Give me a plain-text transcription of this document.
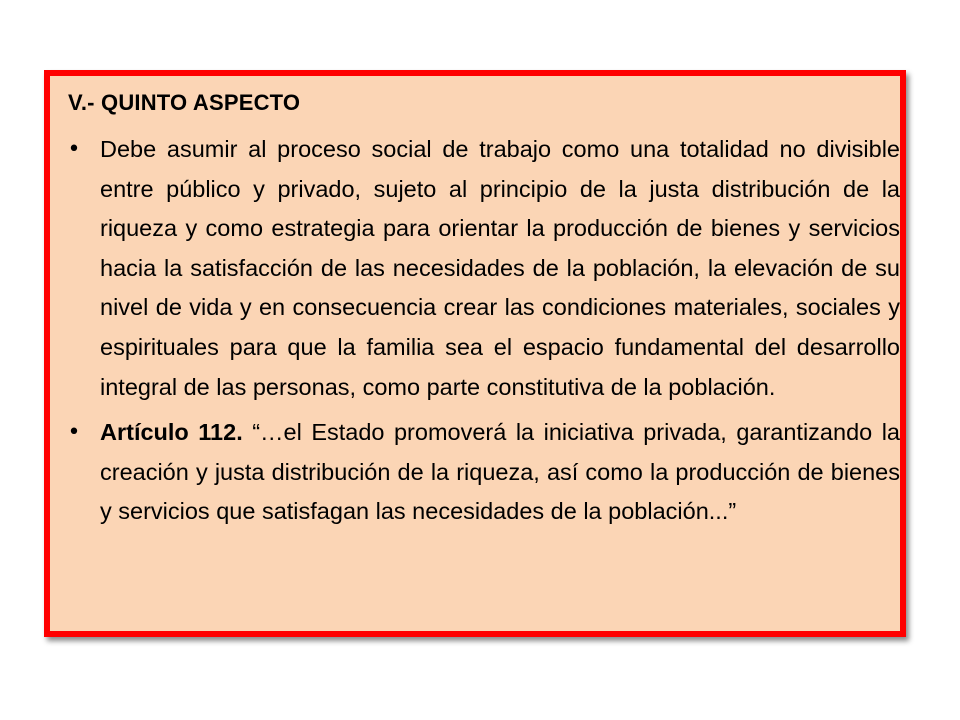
V.- QUINTO ASPECTO
• Debe asumir al proceso social de trabajo como una totalidad no divisible entre público y privado, sujeto al principio de la justa distribución de la riqueza y como estrategia para orientar la producción de bienes y servicios hacia la satisfacción de las necesidades de la población, la elevación de su nivel de vida y en consecuencia crear las condiciones materiales, sociales y espirituales para que la familia sea el espacio fundamental del desarrollo integral de las personas, como parte constitutiva de la población.
• Artículo 112. “…el Estado promoverá la iniciativa privada, garantizando la creación y justa distribución de la riqueza, así como la producción de bienes y servicios que satisfagan las necesidades de la población...”
